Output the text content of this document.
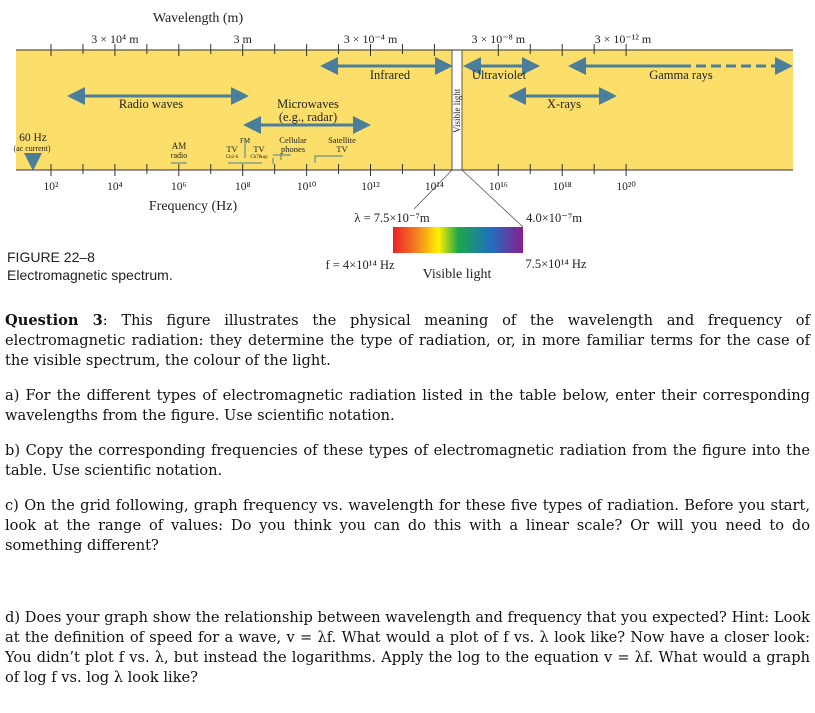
Wavelength (m)
3 × 10⁴ m	3 m	3 × 10⁻⁴ m	3 × 10⁻⁸ m	3 × 10⁻¹² m
10²	10⁴	10⁶	10⁸	10¹⁰	10¹²	10¹⁴	10¹⁶	10¹⁸	10²⁰
Frequency (Hz)
Infrared	Ultraviolet	Gamma rays
Radio waves	Microwaves
(e.g., radar)
X-rays
Visible light
60 Hz
(ac current)	AM
radio
FM
TV
Ch2-6
TV
Ch7&up
Cellular
phones
Satellite
TV
λ = 7.5×10⁻⁷m	4.0×10⁻⁷m
f = 4×10¹⁴ Hz	7.5×10¹⁴ Hz
Visible light
FIGURE 22–8
Electromagnetic spectrum.

Question 3: This figure illustrates the physical meaning of the wavelength and frequency of electromagnetic radiation: they determine the type of radiation, or, in more familiar terms for the case of the visible spectrum, the colour of the light.

a) For the different types of electromagnetic radiation listed in the table below, enter their corresponding wavelengths from the figure. Use scientific notation.

b) Copy the corresponding frequencies of these types of electromagnetic radiation from the figure into the table. Use scientific notation.

c) On the grid following, graph frequency vs. wavelength for these five types of radiation. Before you start, look at the range of values: Do you think you can do this with a linear scale? Or will you need to do something different?

d) Does your graph show the relationship between wavelength and frequency that you expected? Hint: Look at the definition of speed for a wave, v = λf. What would a plot of f vs. λ look like? Now have a closer look: You didn’t plot f vs. λ, but instead the logarithms. Apply the log to the equation v = λf. What would a graph of log f vs. log λ look like?
